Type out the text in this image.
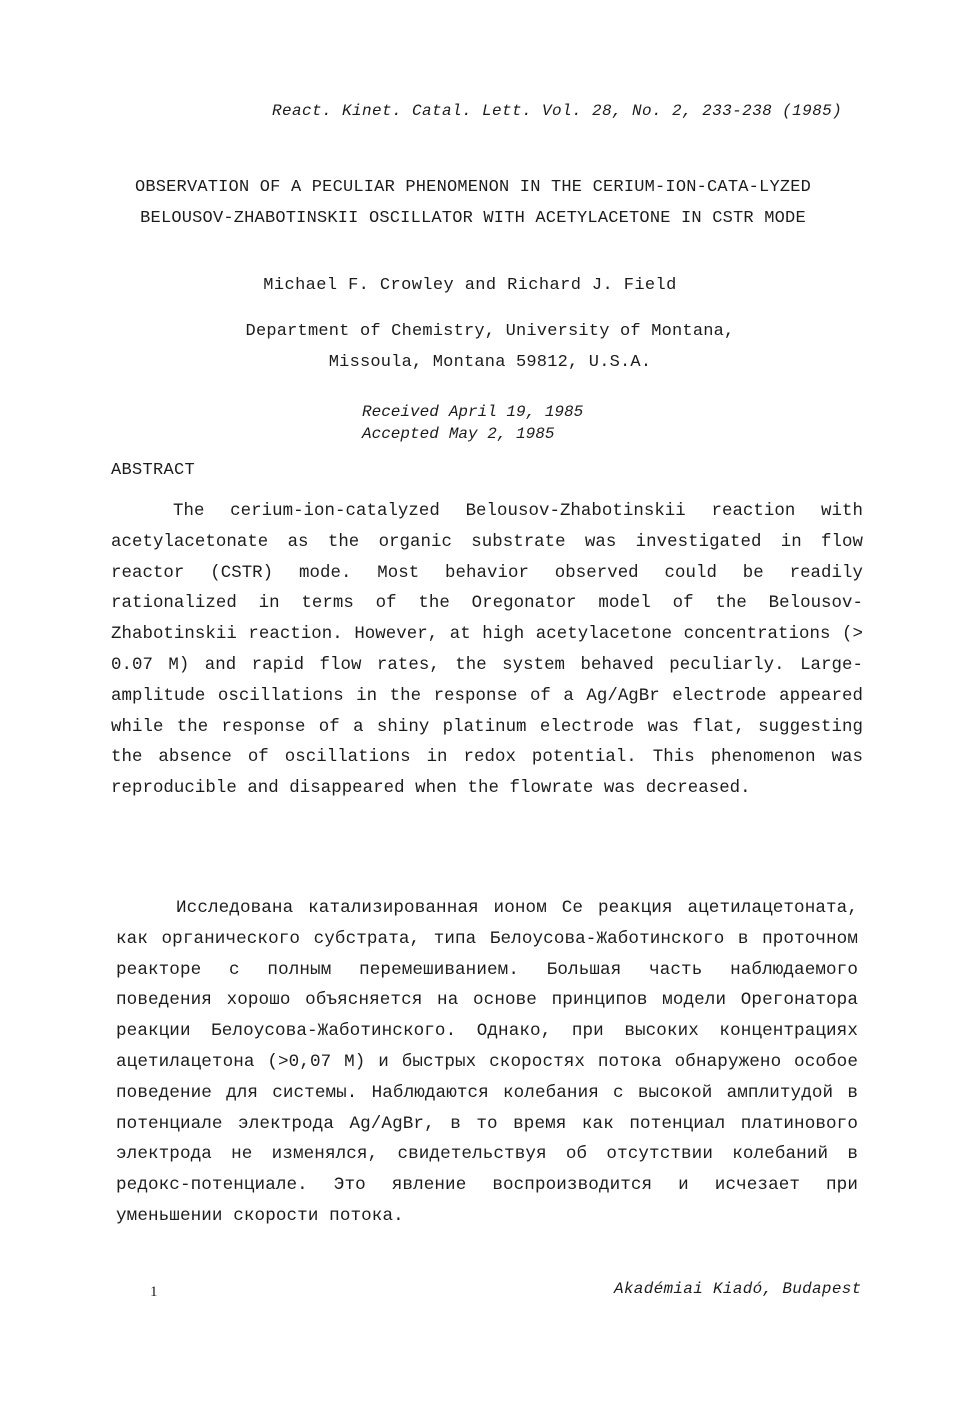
React. Kinet. Catal. Lett. Vol. 28, No. 2, 233-238 (1985)
OBSERVATION OF A PECULIAR PHENOMENON IN THE CERIUM-ION-CATA-LYZED BELOUSOV-ZHABOTINSKII OSCILLATOR WITH ACETYLACETONE IN CSTR MODE
Michael F. Crowley and Richard J. Field
Department of Chemistry, University of Montana,
Missoula, Montana 59812, U.S.A.
Received	April 19, 1985
Accepted	May 2, 1985
ABSTRACT
The cerium-ion-catalyzed Belousov-Zhabotinskii reaction with acetylacetonate as the organic substrate was investigated in flow reactor (CSTR) mode. Most behavior observed could be readily rationalized in terms of the Oregonator model of the Belousov-Zhabotinskii reaction. However, at high acetylacetone concentrations (> 0.07 M) and rapid flow rates, the system behaved peculiarly. Large-amplitude oscillations in the response of a Ag/AgBr electrode appeared while the response of a shiny platinum electrode was flat, suggesting the absence of oscillations in redox potential. This phenomenon was reproducible and disappeared when the flowrate was decreased.
Исследована катализированная ионом Ce реакция ацетилацетоната, как органического субстрата, типа Белоусова-Жаботинского в проточном реакторе с полным перемешиванием. Большая часть наблюдаемого поведения хорошо объясняется на основе принципов модели Орегонатора реакции Белоусова-Жаботинского. Однако, при высоких концентрациях ацетилацетона (>0,07 M) и быстрых скоростях потока обнаружено особое поведение для системы. Наблюдаются колебания с высокой амплитудой в потенциале электрода Ag/AgBr, в то время как потенциал платинового электрода не изменялся, свидетельствуя об отсутствии колебаний в редокс-потенциале. Это явление воспроизводится и исчезает при уменьшении скорости потока.
1	Akadémiai Kiadó, Budapest
